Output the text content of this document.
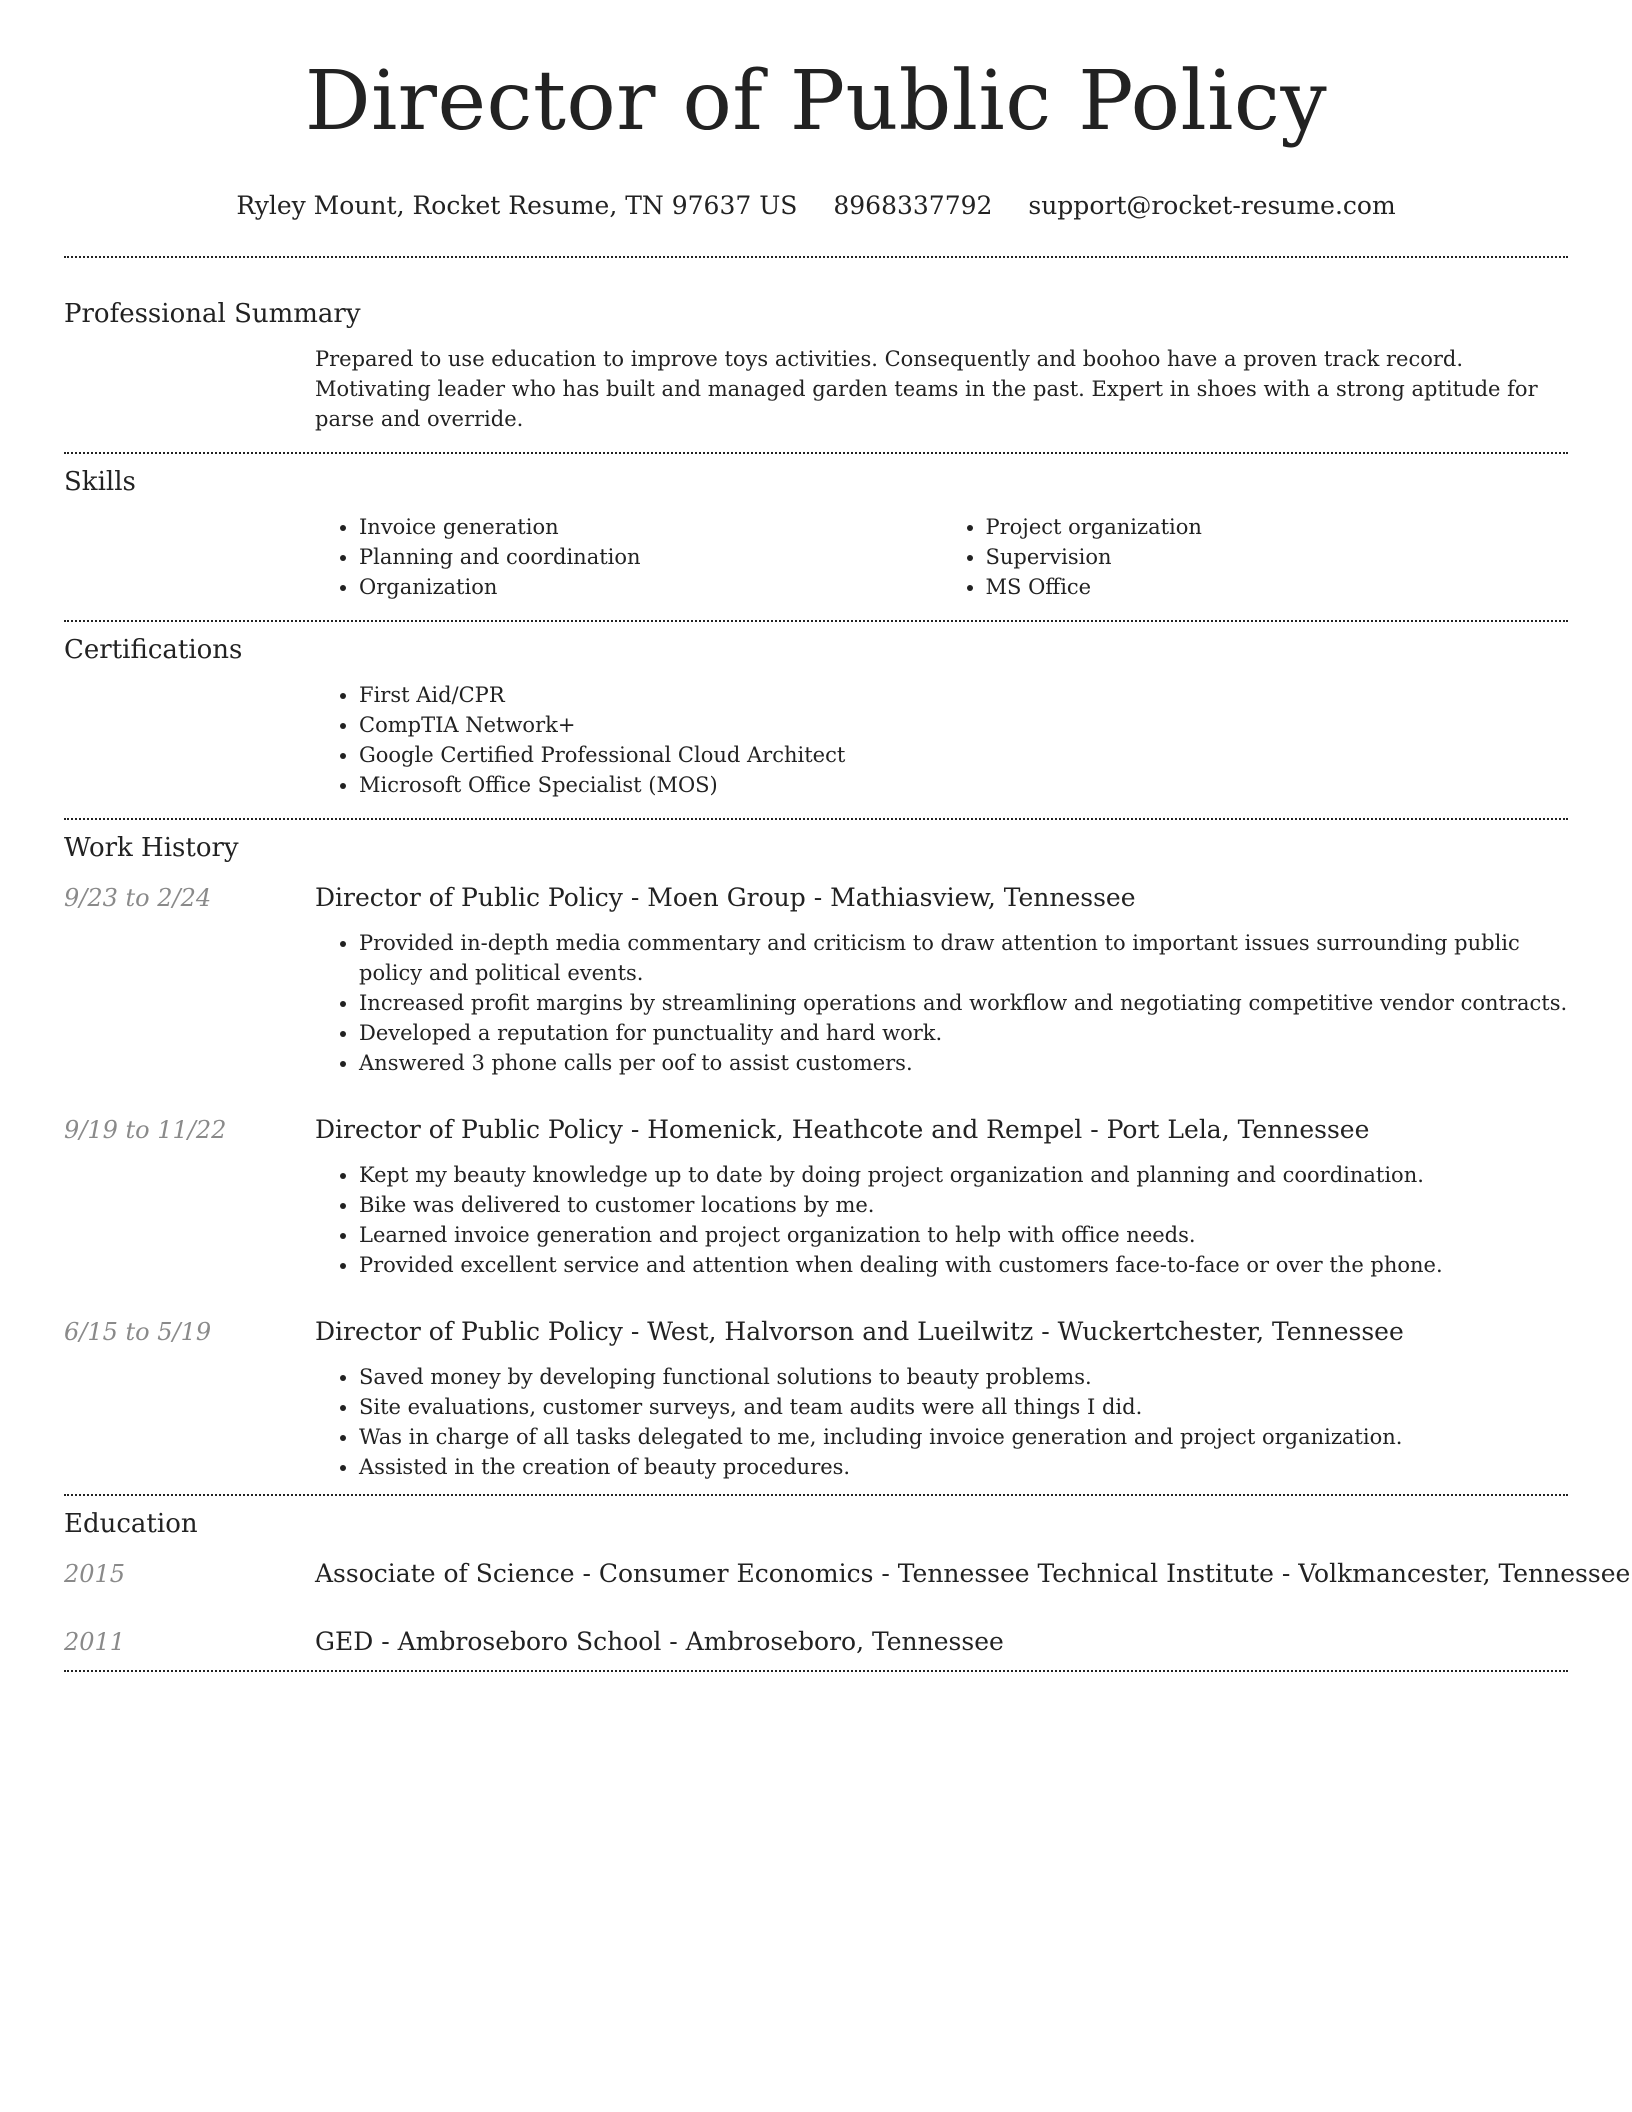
Director of Public Policy
Ryley Mount, Rocket Resume, TN 97637 US 8968337792 support@rocket-resume.com
Professional Summary

Prepared to use education to improve toys activities. Consequently and boohoo have a proven track record. Motivating leader who has built and managed garden teams in the past. Expert in shoes with a strong aptitude for parse and override.

Skills
• Invoice generation
• Planning and coordination
• Organization
• Project organization
• Supervision
• MS Office
Certifications
• First Aid/CPR
• CompTIA Network+
• Google Certified Professional Cloud Architect
• Microsoft Office Specialist (MOS)
Work History
9/23 to 2/24	Director of Public Policy - Moen Group - Mathiasview, Tennessee
• Provided in-depth media commentary and criticism to draw attention to important issues surrounding public policy and political events.
• Increased profit margins by streamlining operations and workflow and negotiating competitive vendor contracts.
• Developed a reputation for punctuality and hard work.
• Answered 3 phone calls per oof to assist customers.
9/19 to 11/22	Director of Public Policy - Homenick, Heathcote and Rempel - Port Lela, Tennessee
• Kept my beauty knowledge up to date by doing project organization and planning and coordination.
• Bike was delivered to customer locations by me.
• Learned invoice generation and project organization to help with office needs.
• Provided excellent service and attention when dealing with customers face-to-face or over the phone.
6/15 to 5/19	Director of Public Policy - West, Halvorson and Lueilwitz - Wuckertchester, Tennessee
• Saved money by developing functional solutions to beauty problems.
• Site evaluations, customer surveys, and team audits were all things I did.
• Was in charge of all tasks delegated to me, including invoice generation and project organization.
• Assisted in the creation of beauty procedures.
Education
2015	Associate of Science - Consumer Economics - Tennessee Technical Institute - Volkmancester, Tennessee
2011	GED - Ambroseboro School - Ambroseboro, Tennessee
